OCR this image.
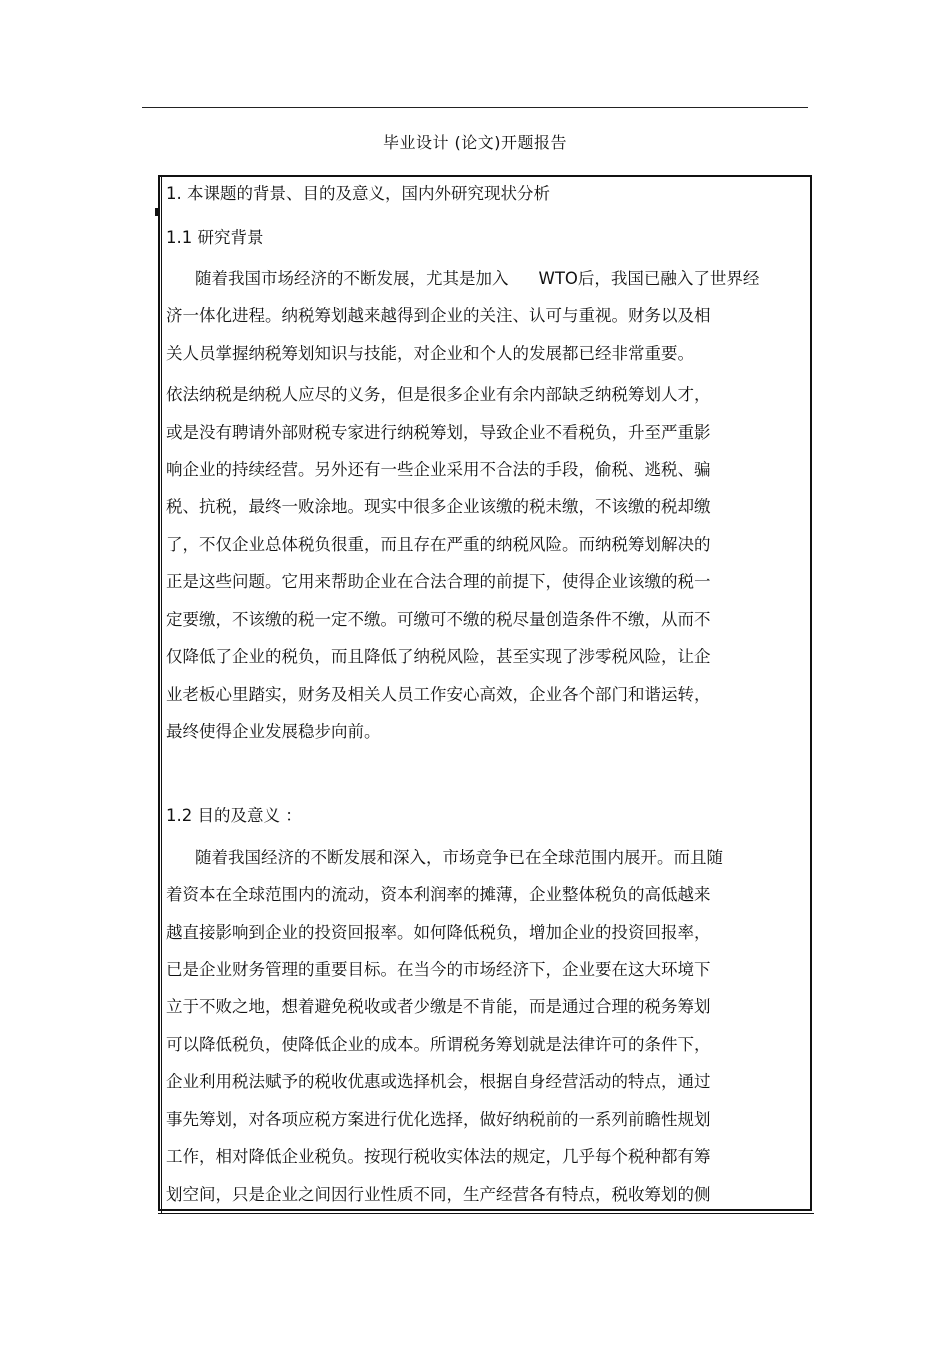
毕业设计 (论文)开题报告
1. 本课题的背景、目的及意义，国内外研究现状分析
1.1 研究背景
随着我国市场经济的不断发展，尤其是加入 WTO后，我国已融入了世界经
济一体化进程。纳税筹划越来越得到企业的关注、认可与重视。财务以及相
关人员掌握纳税筹划知识与技能，对企业和个人的发展都已经非常重要。
依法纳税是纳税人应尽的义务，但是很多企业有余内部缺乏纳税筹划人才，
或是没有聘请外部财税专家进行纳税筹划，导致企业不看税负，升至严重影
响企业的持续经营。另外还有一些企业采用不合法的手段，偷税、逃税、骗
税、抗税，最终一败涂地。现实中很多企业该缴的税未缴，不该缴的税却缴
了，不仅企业总体税负很重，而且存在严重的纳税风险。而纳税筹划解决的
正是这些问题。它用来帮助企业在合法合理的前提下，使得企业该缴的税一
定要缴，不该缴的税一定不缴。可缴可不缴的税尽量创造条件不缴，从而不
仅降低了企业的税负，而且降低了纳税风险，甚至实现了涉零税风险，让企
业老板心里踏实，财务及相关人员工作安心高效，企业各个部门和谐运转，
最终使得企业发展稳步向前。
1.2 目的及意义 ：
随着我国经济的不断发展和深入，市场竞争已在全球范围内展开。而且随
着资本在全球范围内的流动，资本利润率的摊薄，企业整体税负的高低越来
越直接影响到企业的投资回报率。如何降低税负，增加企业的投资回报率，
已是企业财务管理的重要目标。在当今的市场经济下，企业要在这大环境下
立于不败之地，想着避免税收或者少缴是不肯能，而是通过合理的税务筹划
可以降低税负，使降低企业的成本。所谓税务筹划就是法律许可的条件下，
企业利用税法赋予的税收优惠或选择机会，根据自身经营活动的特点，通过
事先筹划，对各项应税方案进行优化选择，做好纳税前的一系列前瞻性规划
工作，相对降低企业税负。按现行税收实体法的规定，几乎每个税种都有筹
划空间，只是企业之间因行业性质不同，生产经营各有特点，税收筹划的侧
